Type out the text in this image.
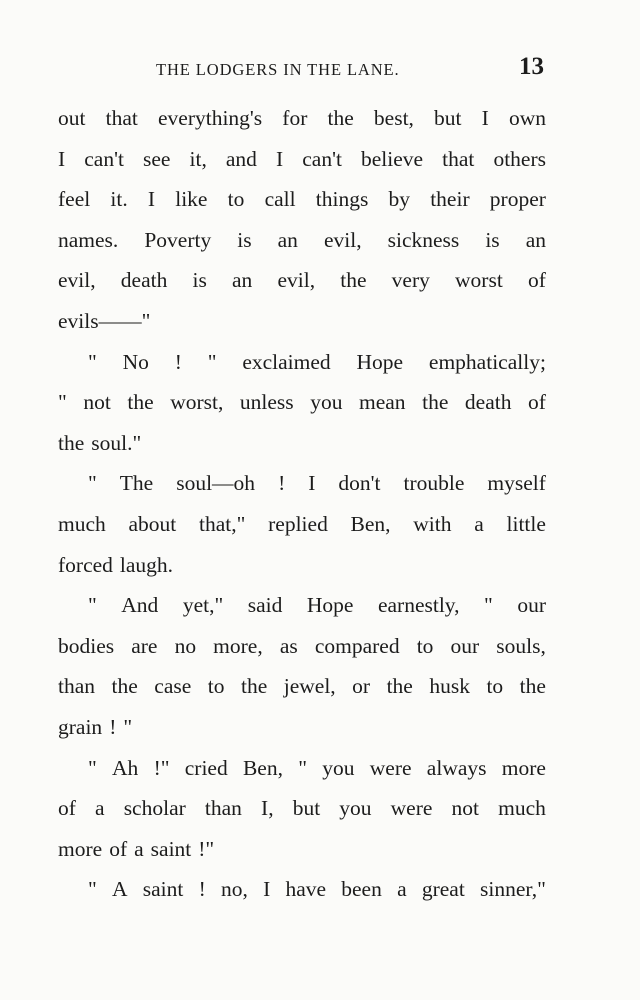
THE LODGERS IN THE LANE.	13
out that everything's for the best, but I own
I can't see it, and I can't believe that others
feel it. I like to call things by their proper
names. Poverty is an evil, sickness is an
evil, death is an evil, the very worst of
evils——"
" No ! " exclaimed Hope emphatically;
" not the worst, unless you mean the death of
the soul."
" The soul—oh ! I don't trouble myself
much about that," replied Ben, with a little
forced laugh.
" And yet," said Hope earnestly, " our
bodies are no more, as compared to our souls,
than the case to the jewel, or the husk to the
grain ! "
" Ah !" cried Ben, " you were always more
of a scholar than I, but you were not much
more of a saint !"
" A saint ! no, I have been a great sinner,"
